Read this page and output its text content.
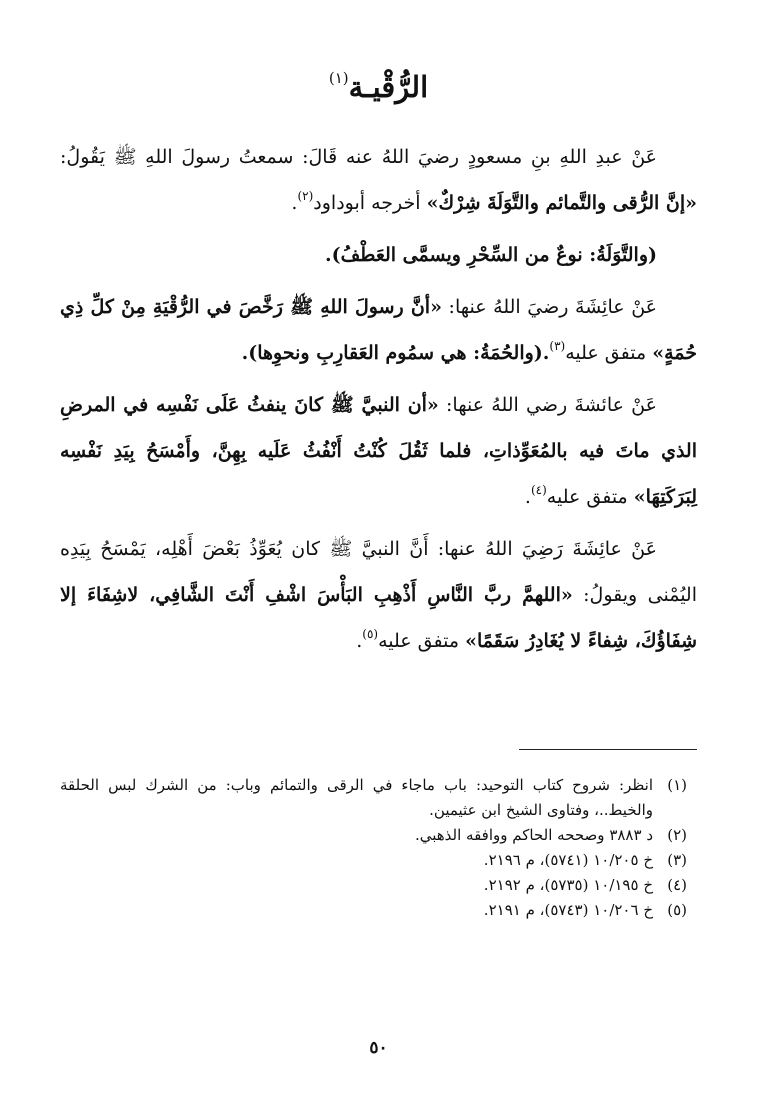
الرُّقْيـة$^{(١)}$

عَنْ عبدِ اللهِ بنِ مسعودٍ رضيَ اللهُ عنه قَالَ: سمعتُ رسولَ اللهِ ﷺ يَقُولُ: «إنَّ الرُّقى والتَّمائم والتَّوَلَةَ شِرْكٌ» أخرجه أبوداود$^{(٢)}$.

(والتَّوَلَةُ: نوعٌ من السِّحْرِ ويسمَّى العَطْفُ).

عَنْ عائِشَةَ رضيَ اللهُ عنها: «أنَّ رسولَ اللهِ ﷺ رَخَّصَ في الرُّقْيَةِ مِنْ كلِّ ذِي حُمَةٍ» متفق عليه$^{(٣)}$.(والحُمَةُ: هي سمُوم العَقارِبِ ونحوِها).

عَنْ عائشةَ رضي اللهُ عنها: «أن النبيَّ ﷺ كانَ ينفثُ عَلَى نَفْسِه في المرضِ الذي ماتَ فيه بالمُعَوِّذاتِ، فلما ثَقُلَ كُنْتُ أَنْفُثُ عَلَيه بِهِنَّ، وأَمْسَحُ بِيَدِ نَفْسِه لِبَرَكَتِهَا» متفق عليه$^{(٤)}$.

عَنْ عائِشَةَ رَضِيَ اللهُ عنها: أَنَّ النبيَّ ﷺ كان يُعَوِّذُ بَعْضَ أَهْلِه، يَمْسَحُ بِيَدِه اليُمْنى ويقولُ: «اللهمَّ ربَّ النَّاسِ أَذْهِبِ البَأْسَ اشْفِ أَنْتَ الشَّافِي، لاشِفَاءَ إلا شِفَاؤُكَ، شِفاءً لا يُغَادِرُ سَقَمًا» متفق عليه$^{(٥)}$.

(١)
انظر: شروح كتاب التوحيد: باب ماجاء في الرقى والتمائم وباب: من الشرك لبس الحلقة والخيط..، وفتاوى الشيخ ابن عثيمين.
(٢)
د ٣٨٨٣ وصححه الحاكم ووافقه الذهبي.
(٣)
خ ١٠/٢٠٥ (٥٧٤١)، م ٢١٩٦.
(٤)
خ ١٠/١٩٥ (٥٧٣٥)، م ٢١٩٢.
(٥)
خ ١٠/٢٠٦ (٥٧٤٣)، م ٢١٩١.
٥٠
